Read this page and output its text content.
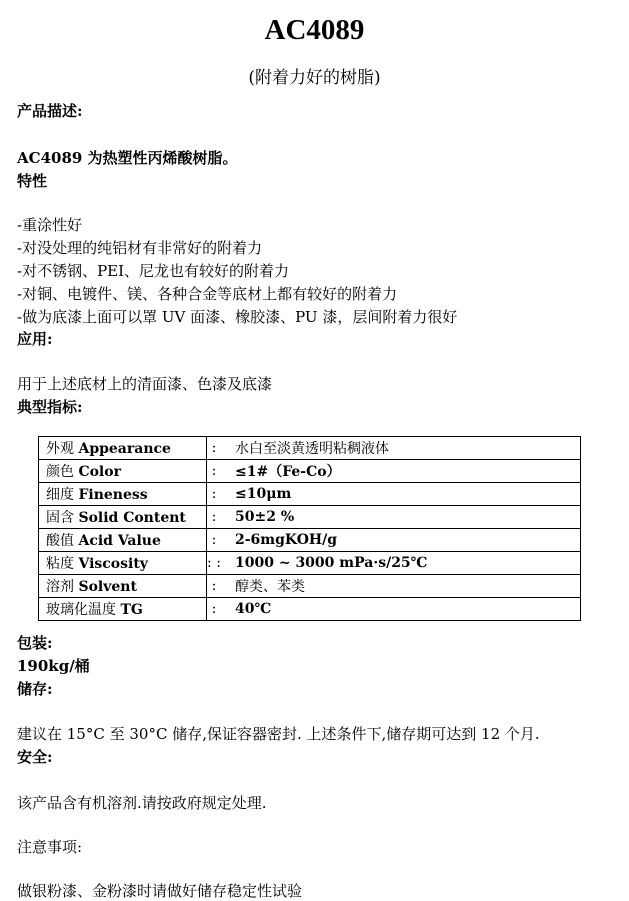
AC4089
(附着力好的树脂)
产品描述:
AC4089 为热塑性丙烯酸树脂。
特性
-重涂性好
-对没处理的纯铝材有非常好的附着力
-对不锈钢、PEI、尼龙也有较好的附着力
-对铜、电镀件、镁、各种合金等底材上都有较好的附着力
-做为底漆上面可以罩 UV 面漆、橡胶漆、PU 漆，层间附着力很好
应用:
用于上述底材上的清面漆、色漆及底漆
典型指标:
外观 Appearance	:	水白至淡黄透明粘稠液体
颜色 Color	:	≤1#（Fe-Co）
细度 Fineness	:	≤10μm
固含 Solid Content	:	50±2 %
酸值 Acid Value	:	2-6mgKOH/g
粘度 Viscosity	: :	1000 ~ 3000 mPa·s/25℃
溶剂 Solvent	:	醇类、苯类
玻璃化温度 TG	:	40℃
包装:
190kg/桶
储存:
建议在 15°C 至 30°C 储存,保证容器密封. 上述条件下,储存期可达到 12 个月.
安全:
该产品含有机溶剂.请按政府规定处理.
注意事项:
做银粉漆、金粉漆时请做好储存稳定性试验
